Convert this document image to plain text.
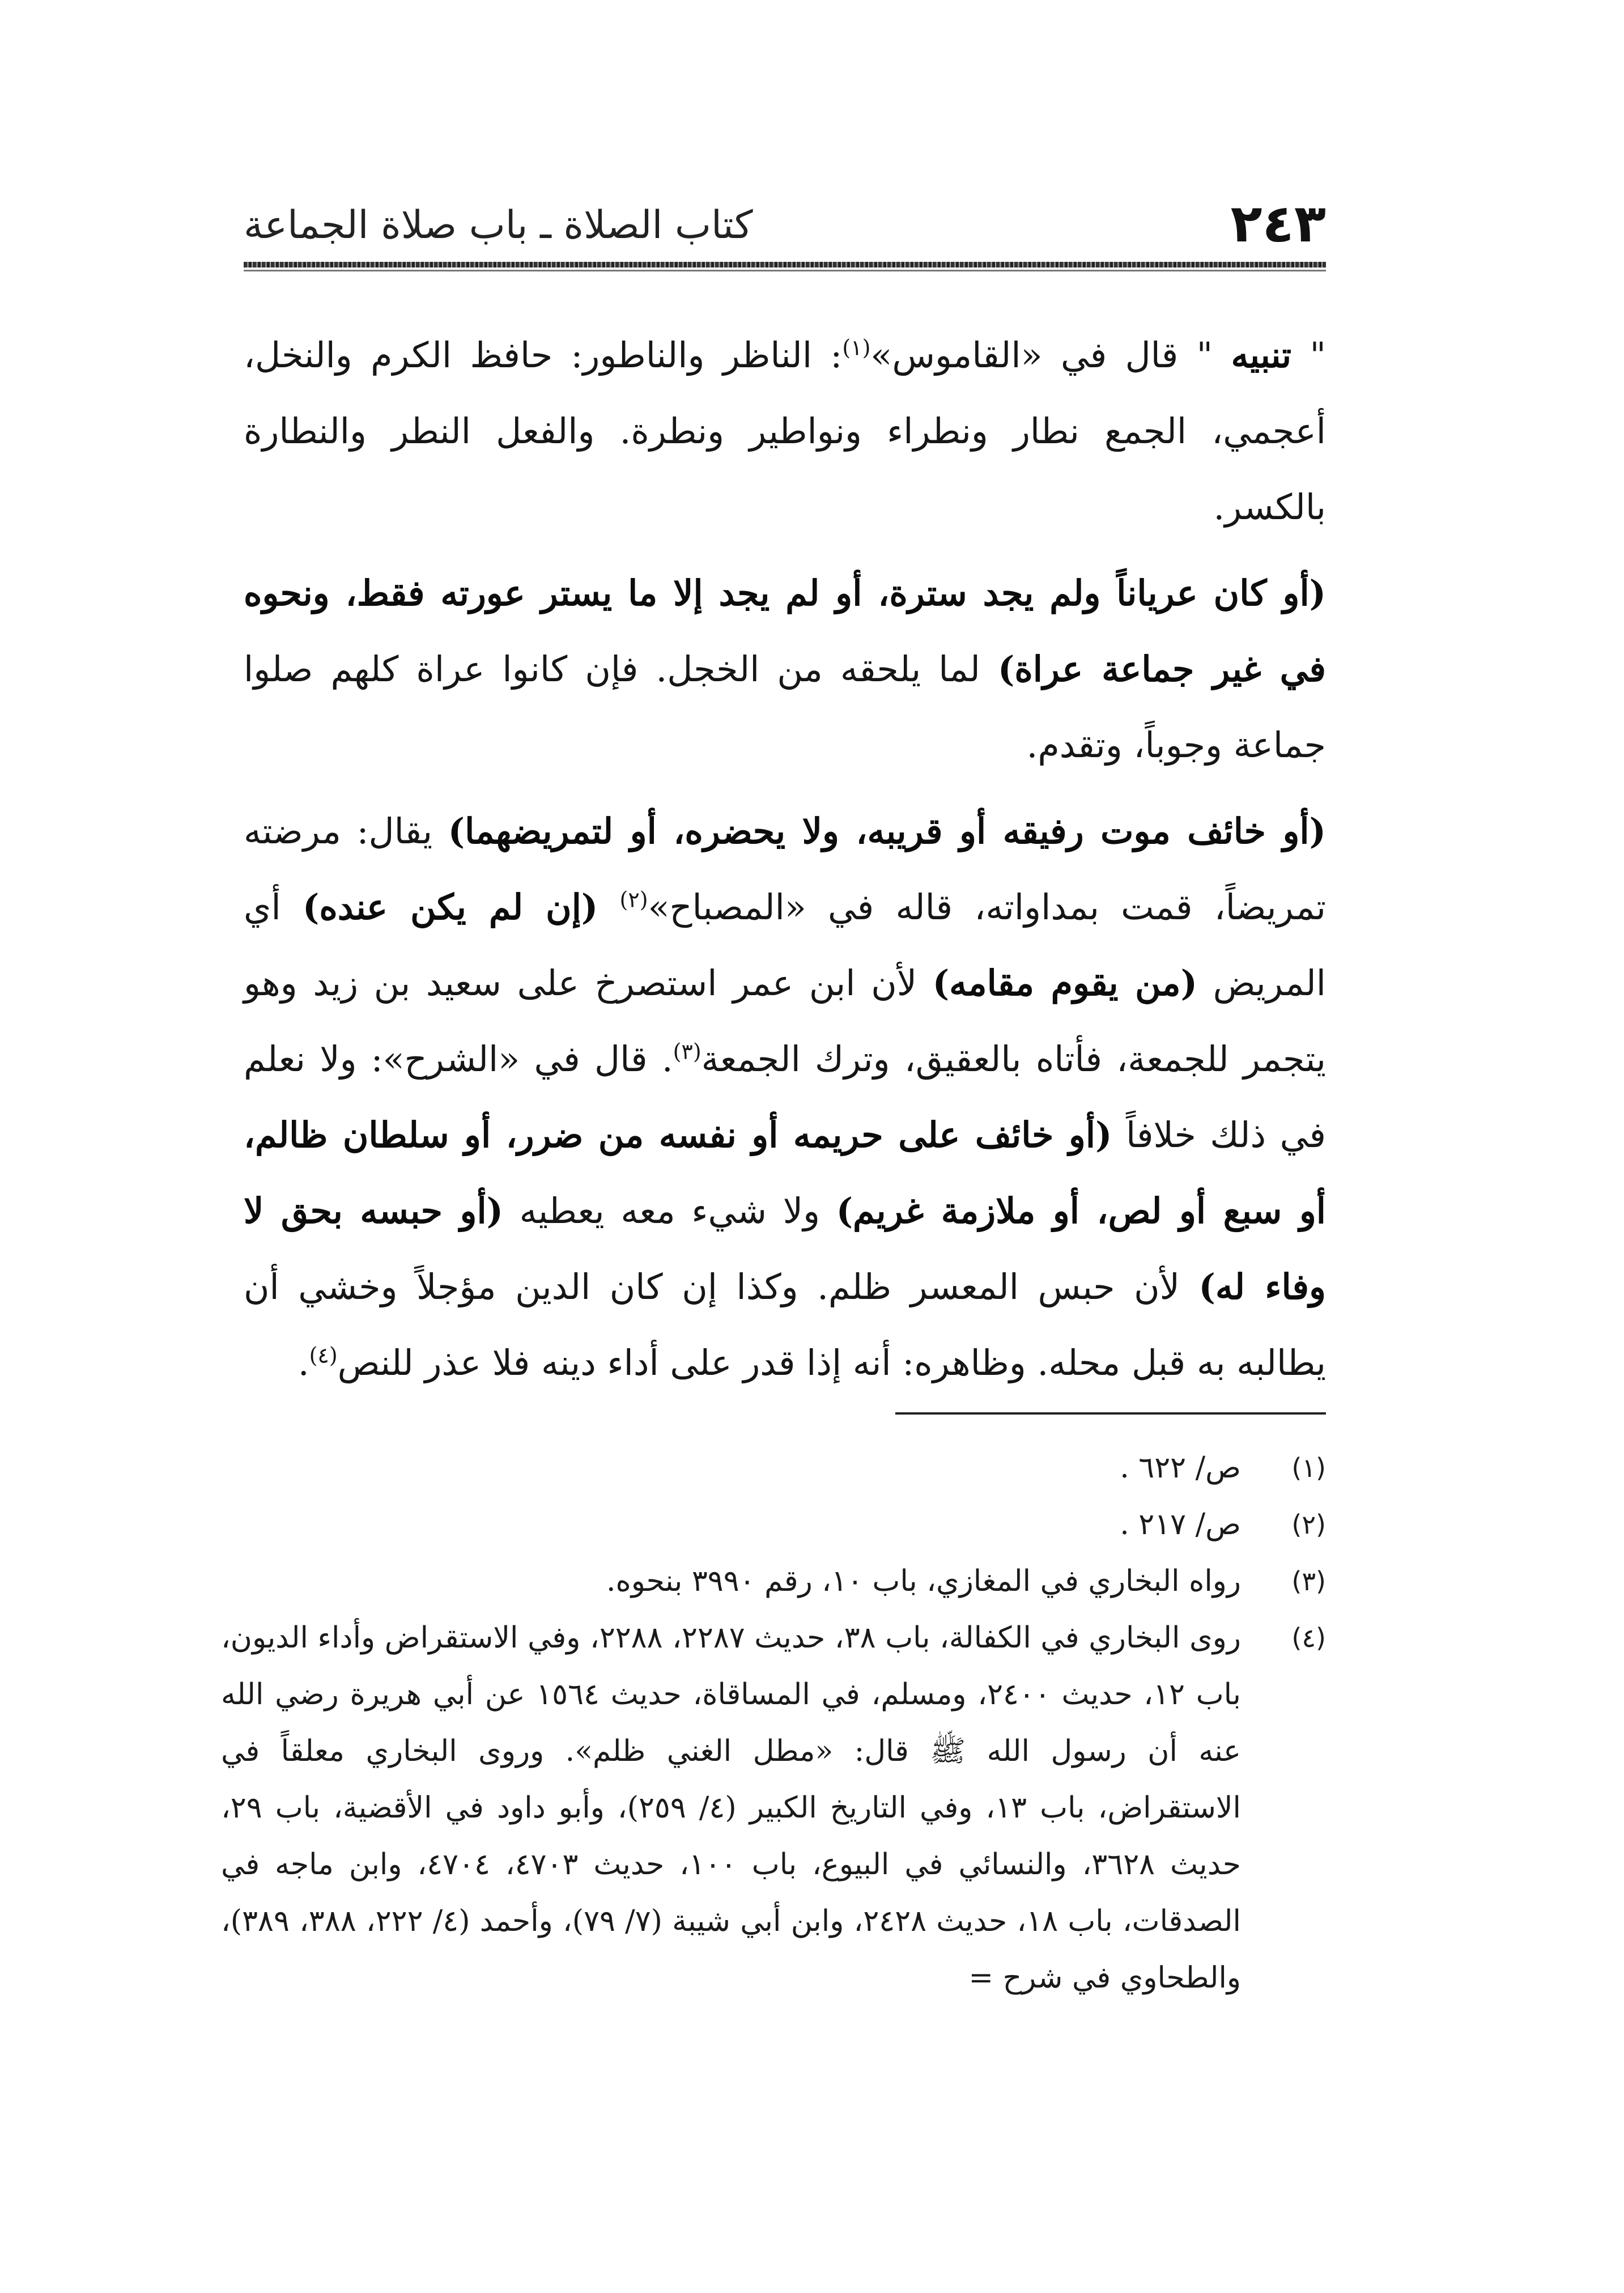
٢٤٣
كتاب الصلاة ـ باب صلاة الجماعة

" تنبيه " قال في «القاموس»$^{(١)}$: الناظر والناطور: حافظ الكرم والنخل، أعجمي، الجمع نطار ونطراء ونواطير ونطرة. والفعل النطر والنطارة بالكسر.

(أو كان عرياناً ولم يجد سترة، أو لم يجد إلا ما يستر عورته فقط، ونحوه في غير جماعة عراة) لما يلحقه من الخجل. فإن كانوا عراة كلهم صلوا جماعة وجوباً، وتقدم.

(أو خائف موت رفيقه أو قريبه، ولا يحضره، أو لتمريضهما) يقال: مرضته تمريضاً، قمت بمداواته، قاله في «المصباح»$^{(٢)}$ (إن لم يكن عنده) أي المريض (من يقوم مقامه) لأن ابن عمر استصرخ على سعيد بن زيد وهو يتجمر للجمعة، فأتاه بالعقيق، وترك الجمعة$^{(٣)}$. قال في «الشرح»: ولا نعلم في ذلك خلافاً (أو خائف على حريمه أو نفسه من ضرر، أو سلطان ظالم، أو سبع أو لص، أو ملازمة غريم) ولا شيء معه يعطيه (أو حبسه بحق لا وفاء له) لأن حبس المعسر ظلم. وكذا إن كان الدين مؤجلاً وخشي أن يطالبه به قبل محله. وظاهره: أنه إذا قدر على أداء دينه فلا عذر للنص$^{(٤)}$.

(١)
ص/ ٦٢٢ .
(٢)
ص/ ٢١٧ .
(٣)
رواه البخاري في المغازي، باب ١٠، رقم ٣٩٩٠ بنحوه.
(٤)
روى البخاري في الكفالة، باب ٣٨، حديث ٢٢٨٧، ٢٢٨٨، وفي الاستقراض وأداء الديون، باب ١٢، حديث ٢٤٠٠، ومسلم، في المساقاة، حديث ١٥٦٤ عن أبي هريرة رضي الله عنه أن رسول الله ﷺ قال: «مطل الغني ظلم». وروى البخاري معلقاً في الاستقراض، باب ١٣، وفي التاريخ الكبير (٤/ ٢٥٩)، وأبو داود في الأقضية، باب ٢٩، حديث ٣٦٢٨، والنسائي في البيوع، باب ١٠٠، حديث ٤٧٠٣، ٤٧٠٤، وابن ماجه في الصدقات، باب ١٨، حديث ٢٤٢٨، وابن أبي شيبة (٧/ ٧٩)، وأحمد (٤/ ٢٢٢، ٣٨٨، ٣٨٩)، والطحاوي في شرح =
